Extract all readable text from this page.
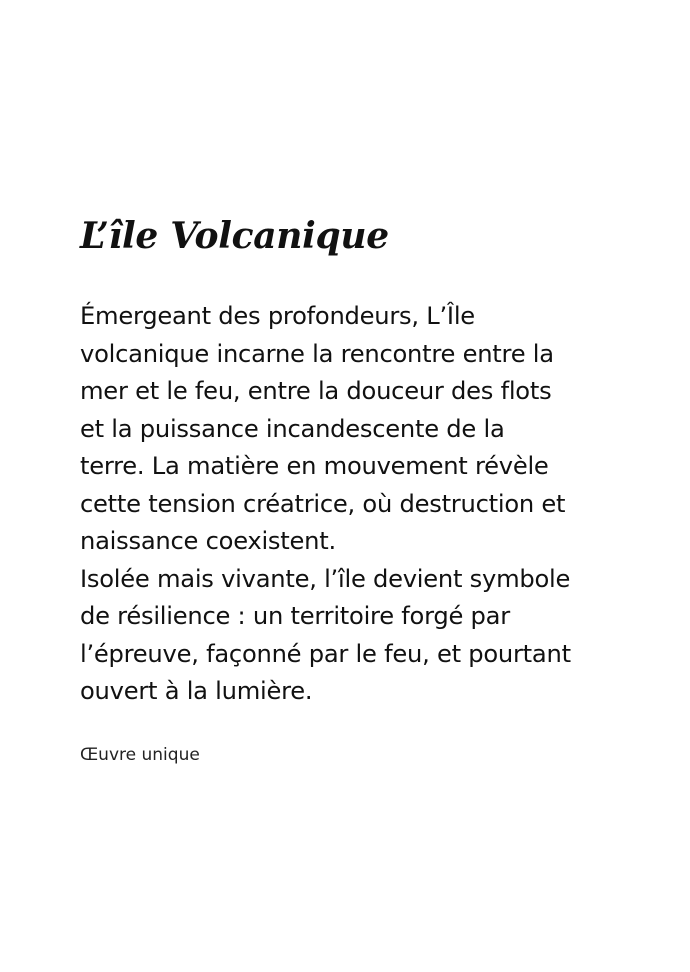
L’île Volcanique

Émergeant des profondeurs, L’Île
volcanique incarne la rencontre entre la
mer et le feu, entre la douceur des flots
et la puissance incandescente de la
terre. La matière en mouvement révèle
cette tension créatrice, où destruction et
naissance coexistent.
Isolée mais vivante, l’île devient symbole
de résilience : un territoire forgé par
l’épreuve, façonné par le feu, et pourtant
ouvert à la lumière.

Œuvre unique
